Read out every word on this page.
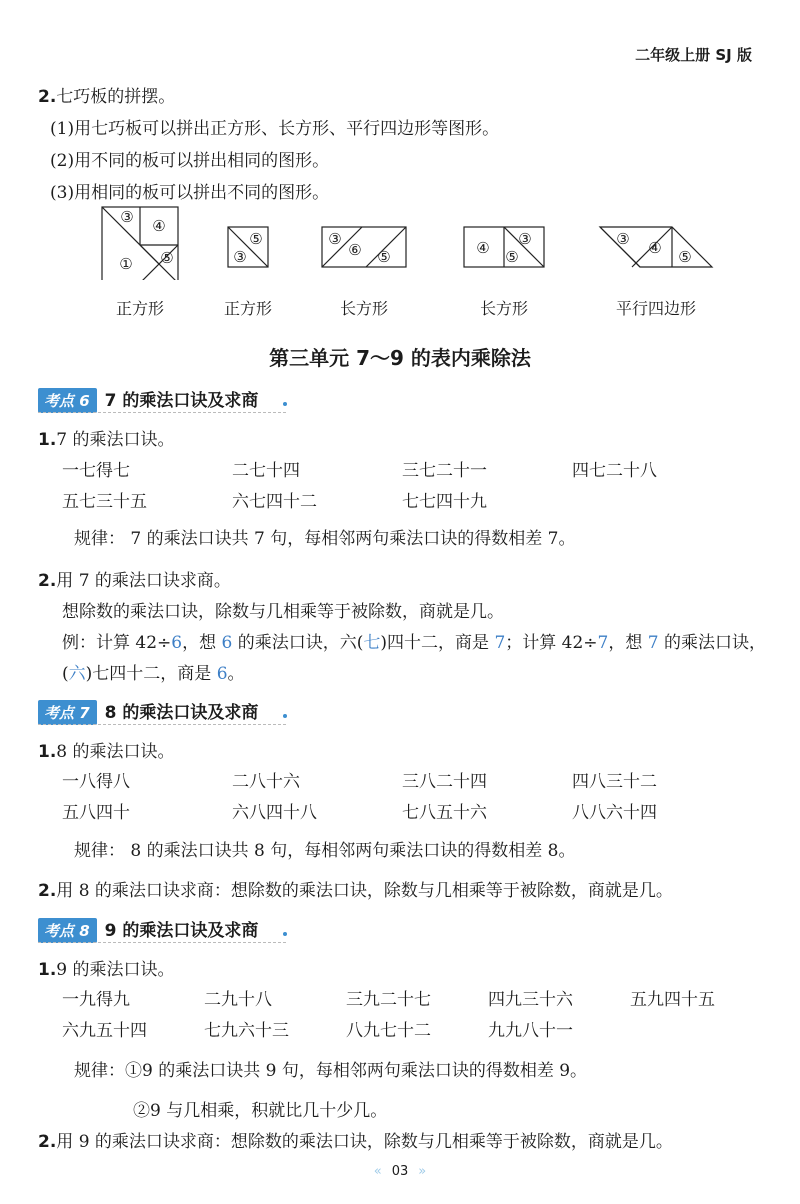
二年级上册 SJ 版
2.七巧板的拼摆。
(1)用七巧板可以拼出正方形、长方形、平行四边形等图形。
(2)用不同的板可以拼出相同的图形。
(3)用相同的板可以拼出不同的图形。
③ ④
① ⑤
⑤
③
③
⑥ ⑤	④ ③
⑤
③ ④ ⑤
正方形	正方形	长方形	长方形	平行四边形
第三单元 7～9 的表内乘除法
考点 6 7 的乘法口诀及求商
1.7 的乘法口诀。
一七得七	二七十四	三七二十一	四七二十八
五七三十五	六七四十二	七七四十九
规律： 7 的乘法口诀共 7 句，每相邻两句乘法口诀的得数相差 7。
2.用 7 的乘法口诀求商。
想除数的乘法口诀，除数与几相乘等于被除数，商就是几。
例：计算 42÷6，想 6 的乘法口诀，六(七)四十二，商是 7；计算 42÷7，想 7 的乘法口诀，
(六)七四十二，商是 6。
考点 7 8 的乘法口诀及求商
1.8 的乘法口诀。
一八得八	二八十六	三八二十四	四八三十二
五八四十	六八四十八	七八五十六	八八六十四
规律： 8 的乘法口诀共 8 句，每相邻两句乘法口诀的得数相差 8。
2.用 8 的乘法口诀求商：想除数的乘法口诀，除数与几相乘等于被除数，商就是几。
考点 8 9 的乘法口诀及求商
1.9 的乘法口诀。
一九得九	二九十八	三九二十七	四九三十六	五九四十五
六九五十四	七九六十三	八九七十二	九九八十一
规律：①9 的乘法口诀共 9 句，每相邻两句乘法口诀的得数相差 9。
②9 与几相乘，积就比几十少几。
2.用 9 的乘法口诀求商：想除数的乘法口诀，除数与几相乘等于被除数，商就是几。
« 03 »
